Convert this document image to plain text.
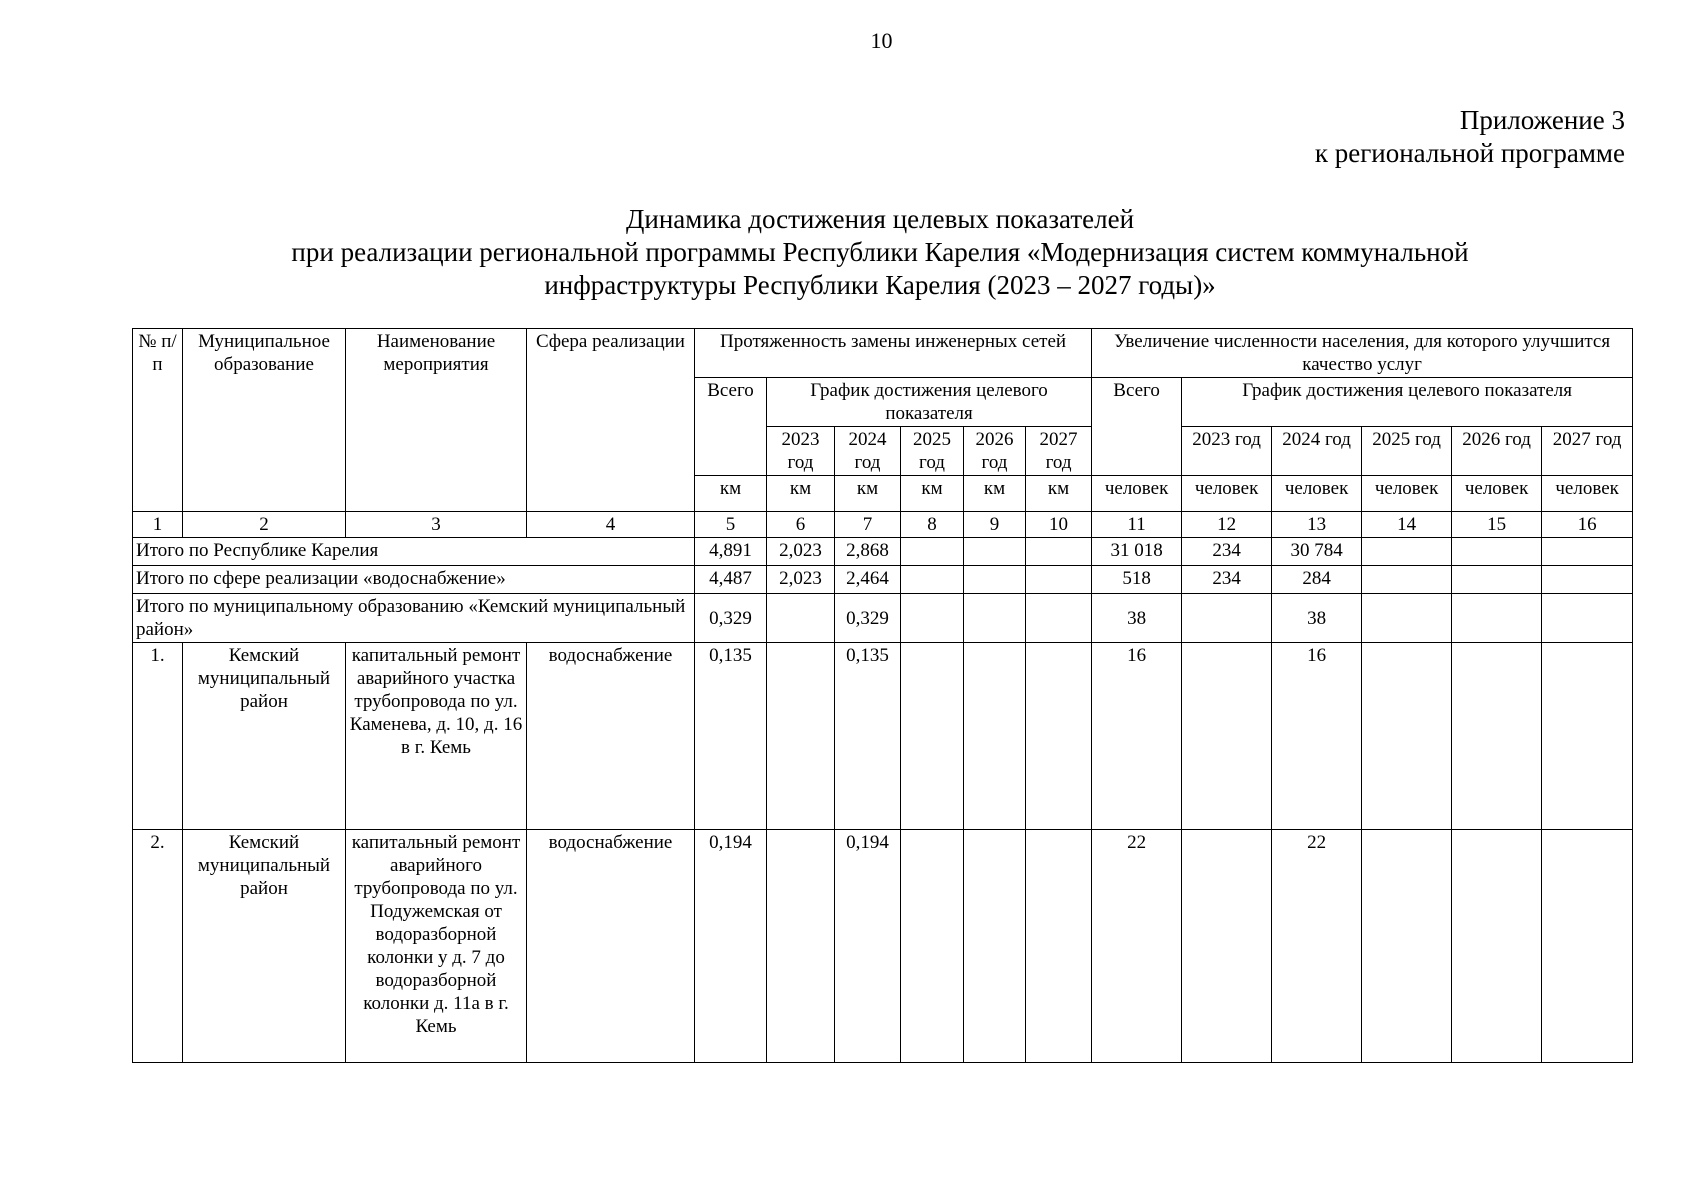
10
Приложение 3
к региональной программе
Динамика достижения целевых показателей
при реализации региональной программы Республики Карелия «Модернизация систем коммунальной
инфраструктуры Республики Карелия (2023 – 2027 годы)»
№ п/п	Муниципальное образование	Наименование мероприятия	Сфера реализации	Протяженность замены инженерных сетей						Увеличение численности населения, для которого улучшится качество услуг					
				Всего	График достижения целевого показателя					Всего	График достижения целевого показателя				
					2023 год	2024 год	2025 год	2026 год	2027 год		2023 год	2024 год	2025 год	2026 год	2027 год
				км	км	км	км	км	км	человек	человек	человек	человек	человек	человек
1	2	3	4	5	6	7	8	9	10	11	12	13	14	15	16
Итого по Республике Карелия				4,891	2,023	2,868				31 018	234	30 784			
Итого по сфере реализации «водоснабжение»				4,487	2,023	2,464				518	234	284			
Итого по муниципальному образованию «Кемский муниципальный район»				0,329		0,329				38		38			
1.	Кемский муниципальный район	капитальный ремонт аварийного участка трубопровода по ул. Каменева, д. 10, д. 16 в г. Кемь	водоснабжение	0,135		0,135				16		16			
2.	Кемский муниципальный район	капитальный ремонт аварийного трубопровода по ул. Подужемская от водоразборной колонки у д. 7 до водоразборной колонки д. 11а в г. Кемь	водоснабжение	0,194		0,194				22		22			
